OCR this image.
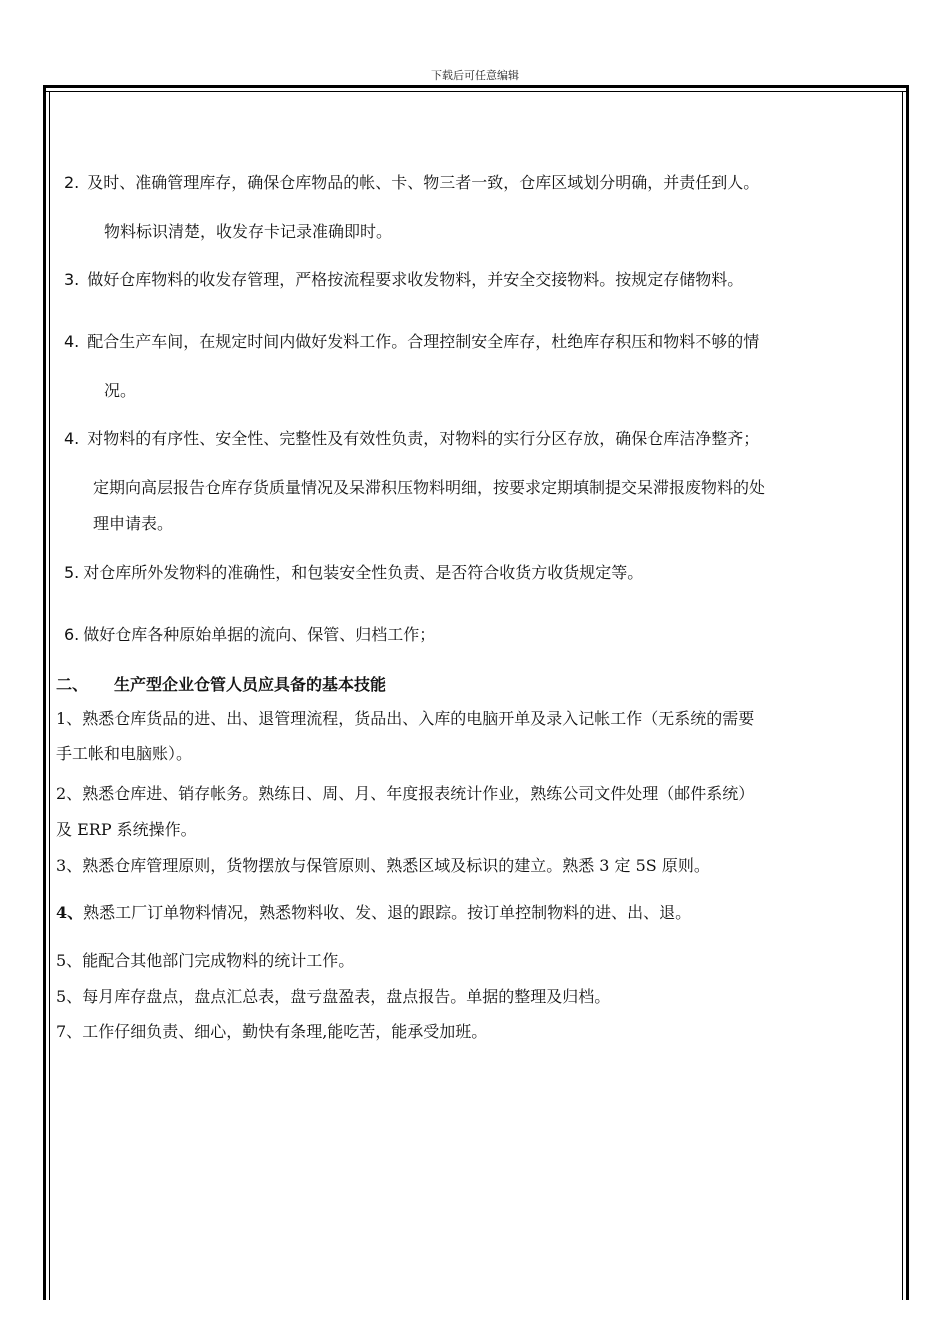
下载后可任意编辑
2. 及时、准确管理库存，确保仓库物品的帐、卡、物三者一致，仓库区域划分明确，并责任到人。
物料标识清楚，收发存卡记录准确即时。
3. 做好仓库物料的收发存管理，严格按流程要求收发物料，并安全交接物料。按规定存储物料。
4. 配合生产车间，在规定时间内做好发料工作。合理控制安全库存，杜绝库存积压和物料不够的情
况。
4. 对物料的有序性、安全性、完整性及有效性负责，对物料的实行分区存放，确保仓库洁净整齐；
定期向高层报告仓库存货质量情况及呆滞积压物料明细，按要求定期填制提交呆滞报废物料的处
理申请表。
5. 对仓库所外发物料的准确性，和包装安全性负责、是否符合收货方收货规定等。
6. 做好仓库各种原始单据的流向、保管、归档工作；
二、 生产型企业仓管人员应具备的基本技能
1、熟悉仓库货品的进、出、退管理流程，货品出、入库的电脑开单及录入记帐工作（无系统的需要
手工帐和电脑账）。
2、熟悉仓库进、销存帐务。熟练日、周、月、年度报表统计作业，熟练公司文件处理（邮件系统）
及 ERP 系统操作。
3、熟悉仓库管理原则，货物摆放与保管原则、熟悉区域及标识的建立。熟悉 3 定 5S 原则。
4、熟悉工厂订单物料情况，熟悉物料收、发、退的跟踪。按订单控制物料的进、出、退。
5、能配合其他部门完成物料的统计工作。
5、每月库存盘点，盘点汇总表，盘亏盘盈表，盘点报告。单据的整理及归档。
7、工作仔细负责、细心，勤快有条理,能吃苦，能承受加班。
